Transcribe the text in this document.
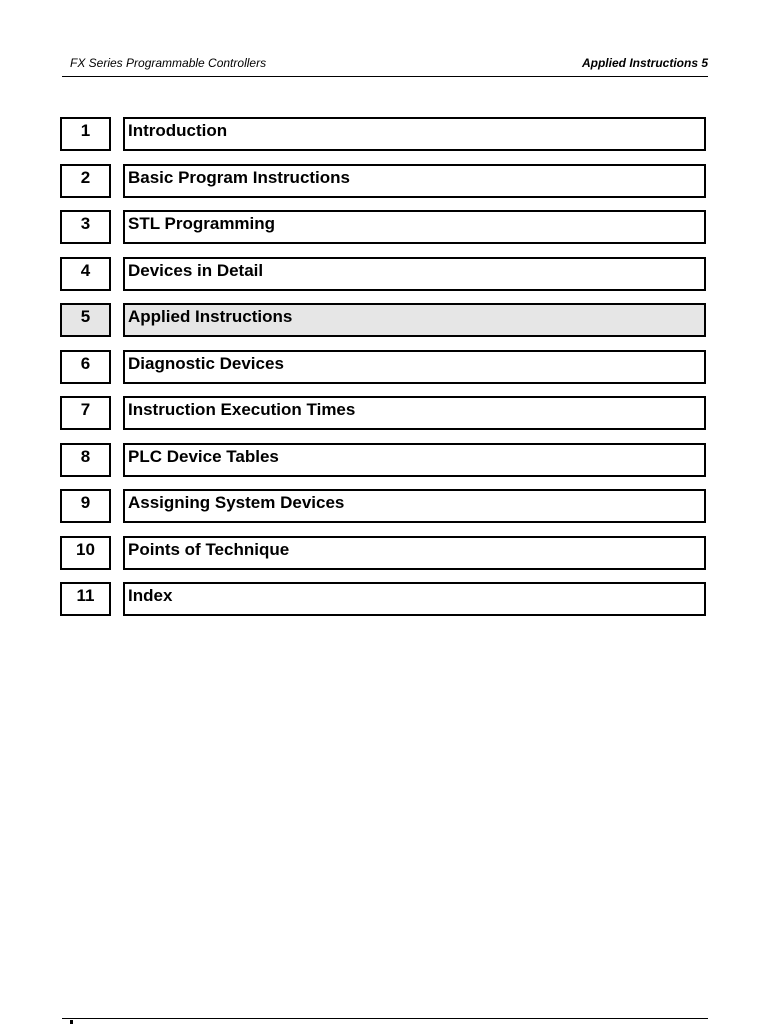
FX Series Programmable Controllers	Applied Instructions 5
1	Introduction
2	Basic Program Instructions
3	STL Programming
4	Devices in Detail
5	Applied Instructions
6	Diagnostic Devices
7	Instruction Execution Times
8	PLC Device Tables
9	Assigning System Devices
10	Points of Technique
11	Index
